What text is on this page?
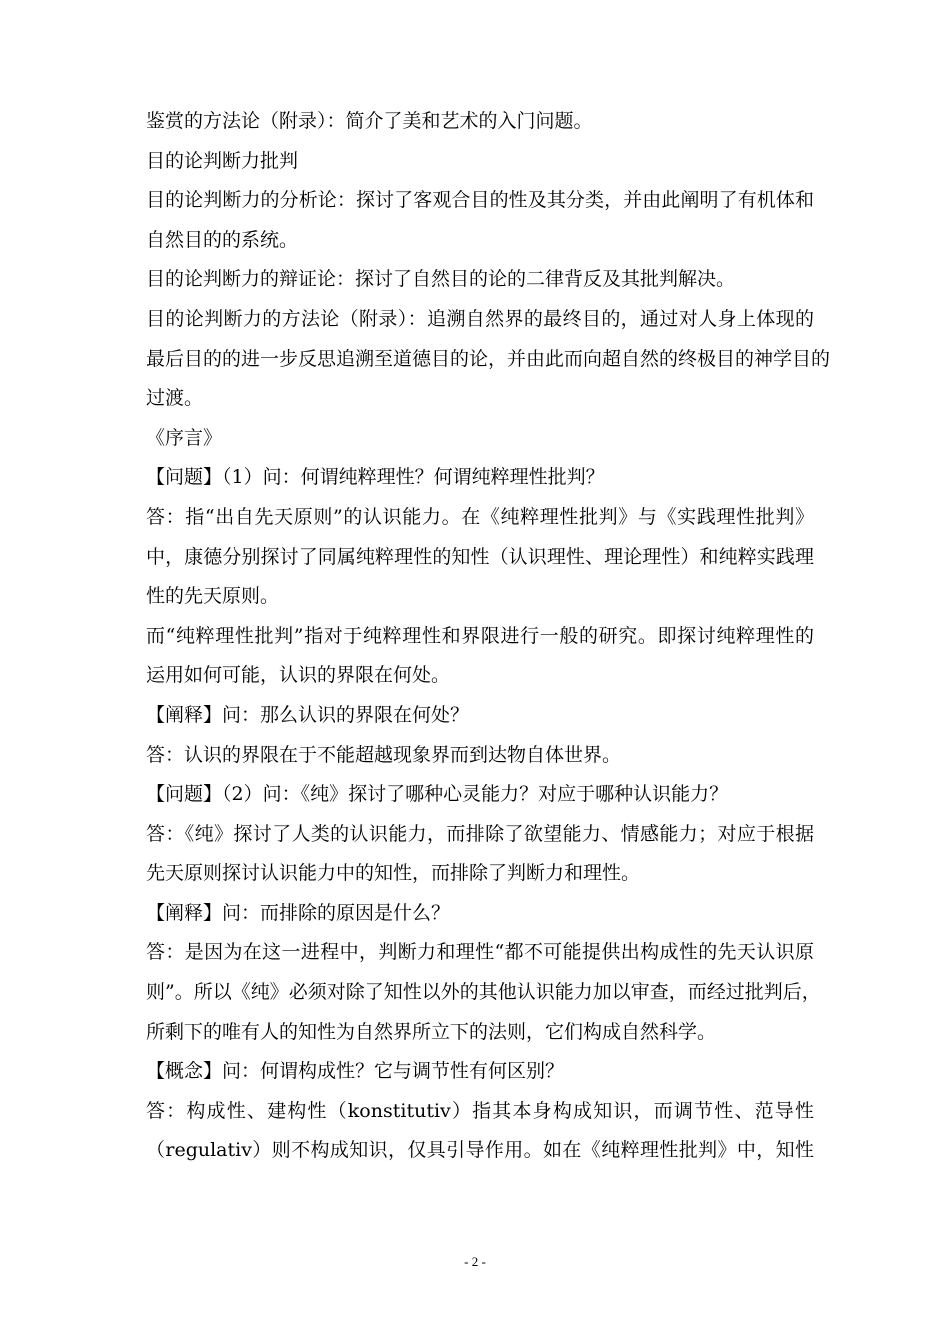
鉴赏的方法论（附录）：简介了美和艺术的入门问题。
目的论判断力批判
目的论判断力的分析论：探讨了客观合目的性及其分类，并由此阐明了有机体和
自然目的的系统。
目的论判断力的辩证论：探讨了自然目的论的二律背反及其批判解决。
目的论判断力的方法论（附录）：追溯自然界的最终目的，通过对人身上体现的
最后目的的进一步反思追溯至道德目的论，并由此而向超自然的终极目的神学目的
过渡。
《序言》
【问题】（1）问：何谓纯粹理性？何谓纯粹理性批判？
答：指“出自先天原则”的认识能力。在《纯粹理性批判》与《实践理性批判》
中，康德分别探讨了同属纯粹理性的知性（认识理性、理论理性）和纯粹实践理
性的先天原则。
而“纯粹理性批判”指对于纯粹理性和界限进行一般的研究。即探讨纯粹理性的
运用如何可能，认识的界限在何处。
【阐释】问：那么认识的界限在何处？
答：认识的界限在于不能超越现象界而到达物自体世界。
【问题】（2）问：《纯》探讨了哪种心灵能力？对应于哪种认识能力？
答：《纯》探讨了人类的认识能力，而排除了欲望能力、情感能力；对应于根据
先天原则探讨认识能力中的知性，而排除了判断力和理性。
【阐释】问：而排除的原因是什么？
答：是因为在这一进程中，判断力和理性“都不可能提供出构成性的先天认识原
则”。所以《纯》必须对除了知性以外的其他认识能力加以审查，而经过批判后，
所剩下的唯有人的知性为自然界所立下的法则，它们构成自然科学。
【概念】问：何谓构成性？它与调节性有何区别？
答：构成性、建构性（konstitutiv）指其本身构成知识，而调节性、范导性
（regulativ）则不构成知识，仅具引导作用。如在《纯粹理性批判》中，知性
- 2 -
